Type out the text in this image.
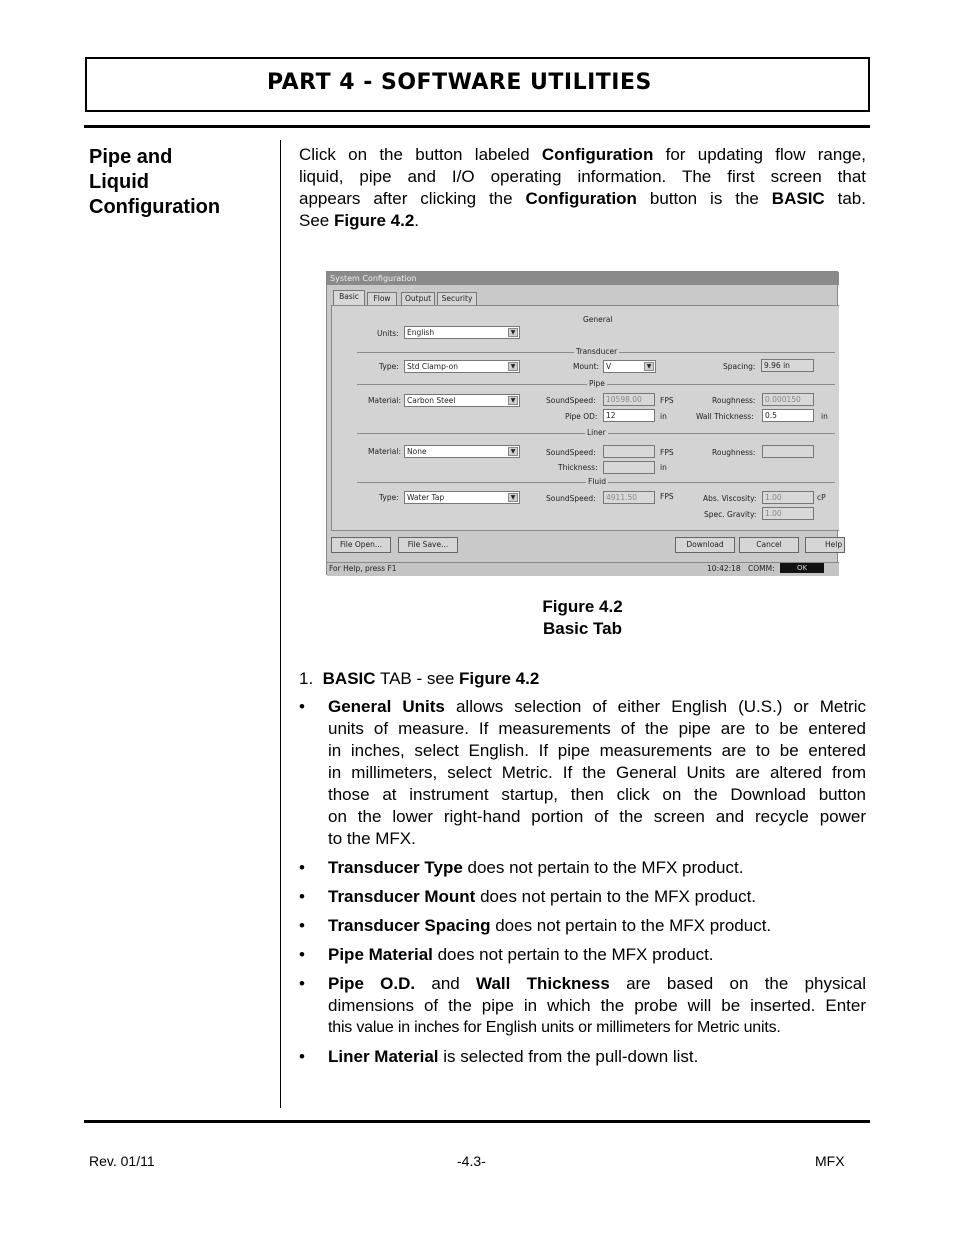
PART 4 - SOFTWARE UTILITIES
Pipe and
Liquid
Configuration
Click on the button labeled Configuration for updating flow range,
liquid, pipe and I/O operating information. The first screen that
appears after clicking the Configuration button is the BASIC tab.
See Figure 4.2.
System Configuration
Basic	Flow	Output	Security
General
Units:	English	▼
Transducer
Type:	Std Clamp-on	▼	Mount: V	▼	Spacing:	9.96 in
Pipe
Material: Carbon Steel	▼	SoundSpeed:	10598.00	FPS	Roughness:	0.000150
Pipe OD:	12	in	Wall Thickness:	0.5	in
Liner
Material: None	▼	SoundSpeed:	FPS	Roughness:
Thickness:	in
Fluid
Type:	Water Tap	▼	SoundSpeed:	4911.50	FPS	Abs. Viscosity:	1.00	cP
Spec. Gravity:	1.00
File Open...	File Save...	Download	Cancel	Help
For Help, press F1	10:42:18 COMM:	OK
Figure 4.2
Basic Tab
1. BASIC TAB - see Figure 4.2
• General Units allows selection of either English (U.S.) or Metric
units of measure. If measurements of the pipe are to be entered
in inches, select English. If pipe measurements are to be entered
in millimeters, select Metric. If the General Units are altered from
those at instrument startup, then click on the Download button
on the lower right-hand portion of the screen and recycle power
to the MFX.
• Transducer Type does not pertain to the MFX product.
• Transducer Mount does not pertain to the MFX product.
• Transducer Spacing does not pertain to the MFX product.
• Pipe Material does not pertain to the MFX product.
• Pipe O.D. and Wall Thickness are based on the physical
dimensions of the pipe in which the probe will be inserted. Enter
this value in inches for English units or millimeters for Metric units.
• Liner Material is selected from the pull-down list.
Rev. 01/11	-4.3-	MFX
